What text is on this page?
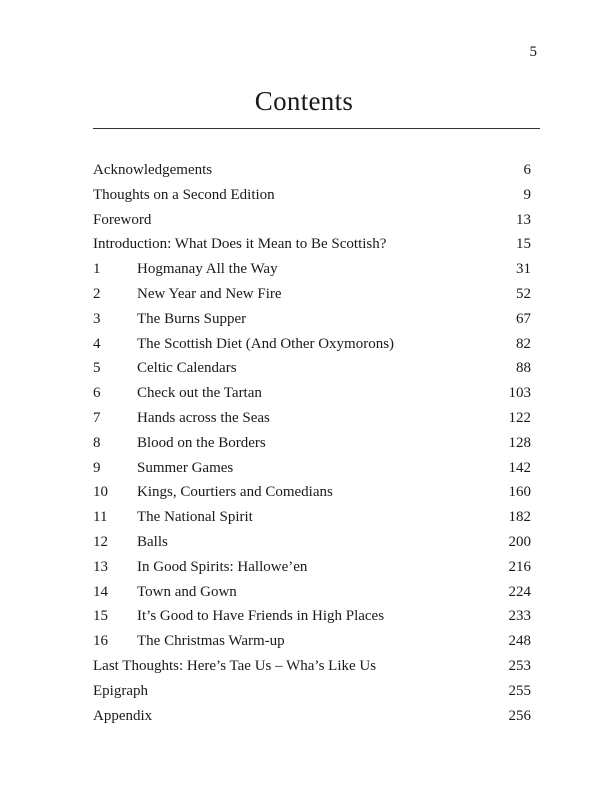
5
Contents
Acknowledgements	6
Thoughts on a Second Edition	9
Foreword	13
Introduction: What Does it Mean to Be Scottish?	15
1	Hogmanay All the Way	31
2	New Year and New Fire	52
3	The Burns Supper	67
4	The Scottish Diet (And Other Oxymorons)	82
5	Celtic Calendars	88
6	Check out the Tartan	103
7	Hands across the Seas	122
8	Blood on the Borders	128
9	Summer Games	142
10	Kings, Courtiers and Comedians	160
11	The National Spirit	182
12	Balls	200
13	In Good Spirits: Hallowe’en	216
14	Town and Gown	224
15	It’s Good to Have Friends in High Places	233
16	The Christmas Warm-up	248
Last Thoughts: Here’s Tae Us – Wha’s Like Us	253
Epigraph	255
Appendix	256
